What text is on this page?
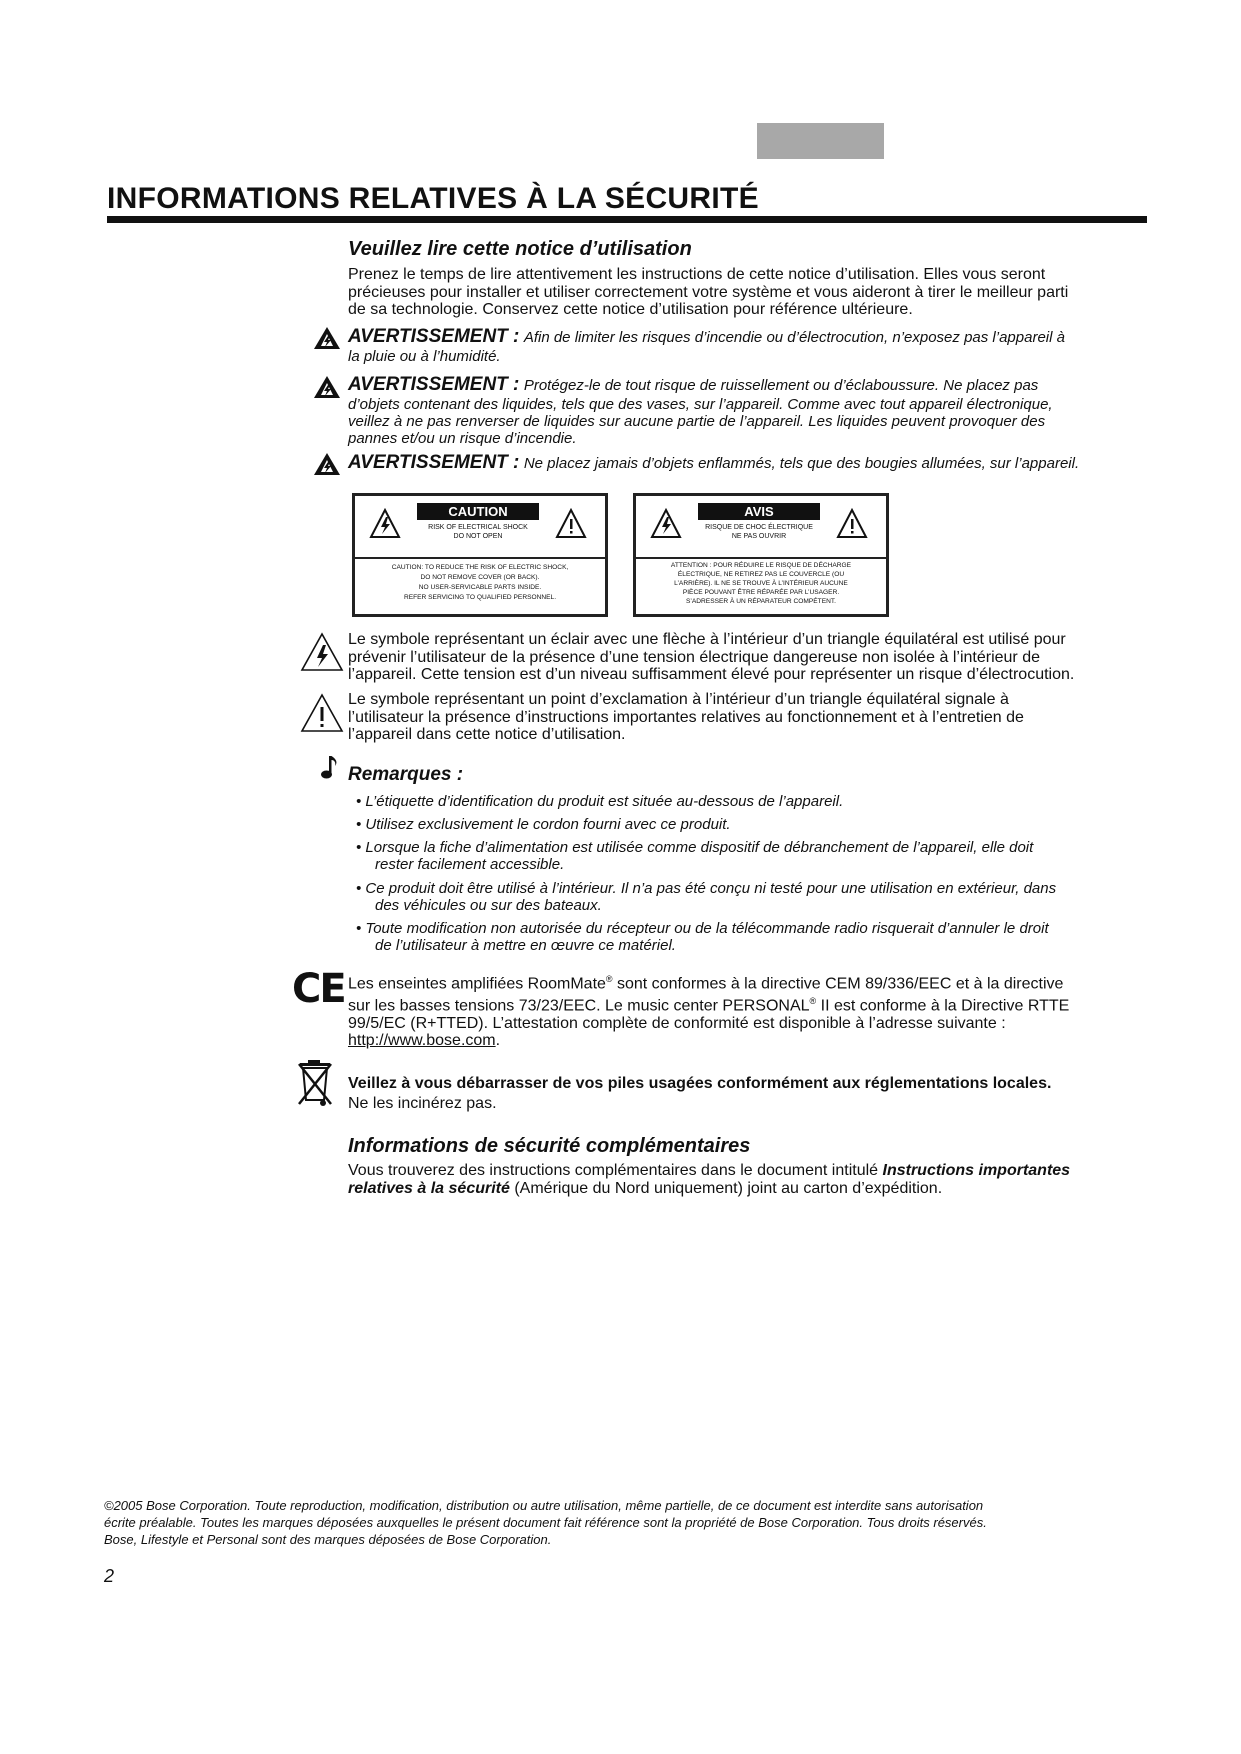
INFORMATIONS RELATIVES À LA SÉCURITÉ
Veuillez lire cette notice d’utilisation
Prenez le temps de lire attentivement les instructions de cette notice d’utilisation. Elles vous seront
précieuses pour installer et utiliser correctement votre système et vous aideront à tirer le meilleur parti
de sa technologie. Conservez cette notice d’utilisation pour référence ultérieure.
AVERTISSEMENT : Afin de limiter les risques d’incendie ou d’électrocution, n’exposez pas l’appareil à
la pluie ou à l’humidité.
AVERTISSEMENT : Protégez-le de tout risque de ruissellement ou d’éclaboussure. Ne placez pas
d’objets contenant des liquides, tels que des vases, sur l’appareil. Comme avec tout appareil électronique,
veillez à ne pas renverser de liquides sur aucune partie de l’appareil. Les liquides peuvent provoquer des
pannes et/ou un risque d’incendie.
AVERTISSEMENT : Ne placez jamais d’objets enflammés, tels que des bougies allumées, sur l’appareil.
CAUTION
RISK OF ELECTRICAL SHOCK
DO NOT OPEN
CAUTION: TO REDUCE THE RISK OF ELECTRIC SHOCK,
DO NOT REMOVE COVER (OR BACK).
NO USER-SERVICABLE PARTS INSIDE.
REFER SERVICING TO QUALIFIED PERSONNEL.
AVIS
RISQUE DE CHOC ÉLECTRIQUE
NE PAS OUVRIR
ATTENTION : POUR RÉDUIRE LE RISQUE DE DÉCHARGE
ÉLECTRIQUE, NE RETIREZ PAS LE COUVERCLE (OU
L’ARRIÈRE). IL NE SE TROUVE À L’INTÉRIEUR AUCUNE
PIÈCE POUVANT ÊTRE RÉPARÉE PAR L’USAGER.
S’ADRESSER À UN RÉPARATEUR COMPÉTENT.
Le symbole représentant un éclair avec une flèche à l’intérieur d’un triangle équilatéral est utilisé pour
prévenir l’utilisateur de la présence d’une tension électrique dangereuse non isolée à l’intérieur de
l’appareil. Cette tension est d’un niveau suffisamment élevé pour représenter un risque d’électrocution.
Le symbole représentant un point d’exclamation à l’intérieur d’un triangle équilatéral signale à
l’utilisateur la présence d’instructions importantes relatives au fonctionnement et à l’entretien de
l’appareil dans cette notice d’utilisation.
Remarques :
• L’étiquette d’identification du produit est située au-dessous de l’appareil.
• Utilisez exclusivement le cordon fourni avec ce produit.
• Lorsque la fiche d’alimentation est utilisée comme dispositif de débranchement de l’appareil, elle doit
rester facilement accessible.
• Ce produit doit être utilisé à l’intérieur. Il n’a pas été conçu ni testé pour une utilisation en extérieur, dans
des véhicules ou sur des bateaux.
• Toute modification non autorisée du récepteur ou de la télécommande radio risquerait d’annuler le droit
de l’utilisateur à mettre en œuvre ce matériel.
CE Les enseintes amplifiées RoomMate® sont conformes à la directive CEM 89/336/EEC et à la directive
sur les basses tensions 73/23/EEC. Le music center PERSONAL® II est conforme à la Directive RTTE
99/5/EC (R+TTED). L’attestation complète de conformité est disponible à l’adresse suivante :
http://www.bose.com.
Veillez à vous débarrasser de vos piles usagées conformément aux réglementations locales.
Ne les incinérez pas.
Informations de sécurité complémentaires
Vous trouverez des instructions complémentaires dans le document intitulé Instructions importantes
relatives à la sécurité (Amérique du Nord uniquement) joint au carton d’expédition.
©2005 Bose Corporation. Toute reproduction, modification, distribution ou autre utilisation, même partielle, de ce document est interdite sans autorisation
écrite préalable. Toutes les marques déposées auxquelles le présent document fait référence sont la propriété de Bose Corporation. Tous droits réservés.
Bose, Lifestyle et Personal sont des marques déposées de Bose Corporation.
2
